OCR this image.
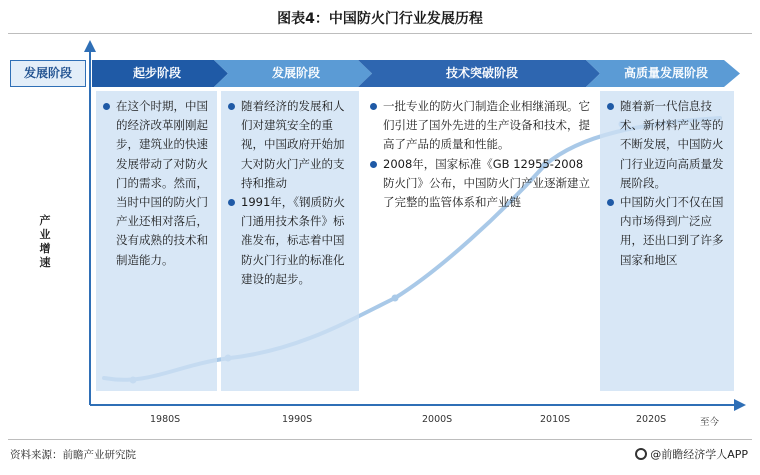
图表4：中国防火门行业发展历程
发展阶段
产业增速
起步阶段	发展阶段	技术突破阶段	高质量发展阶段
在这个时期，中国的经济改革刚刚起步，建筑业的快速发展带动了对防火门的需求。然而，当时中国的防火门产业还相对落后，没有成熟的技术和制造能力。
随着经济的发展和人们对建筑安全的重视，中国政府开始加大对防火门产业的支持和推动
1991年，《钢质防火门通用技术条件》标准发布，标志着中国防火门行业的标准化建设的起步。
一批专业的防火门制造企业相继涌现。它们引进了国外先进的生产设备和技术，提高了产品的质量和性能。
2008年，国家标准《GB 12955-2008 防火门》公布，中国防火门产业逐渐建立了完整的监管体系和产业链
随着新一代信息技术、新材料产业等的不断发展，中国防火门行业迈向高质量发展阶段。
中国防火门不仅在国内市场得到广泛应用，还出口到了许多国家和地区
1980S	1990S	2000S	2010S	2020S	至今
资料来源：前瞻产业研究院	@前瞻经济学人APP
